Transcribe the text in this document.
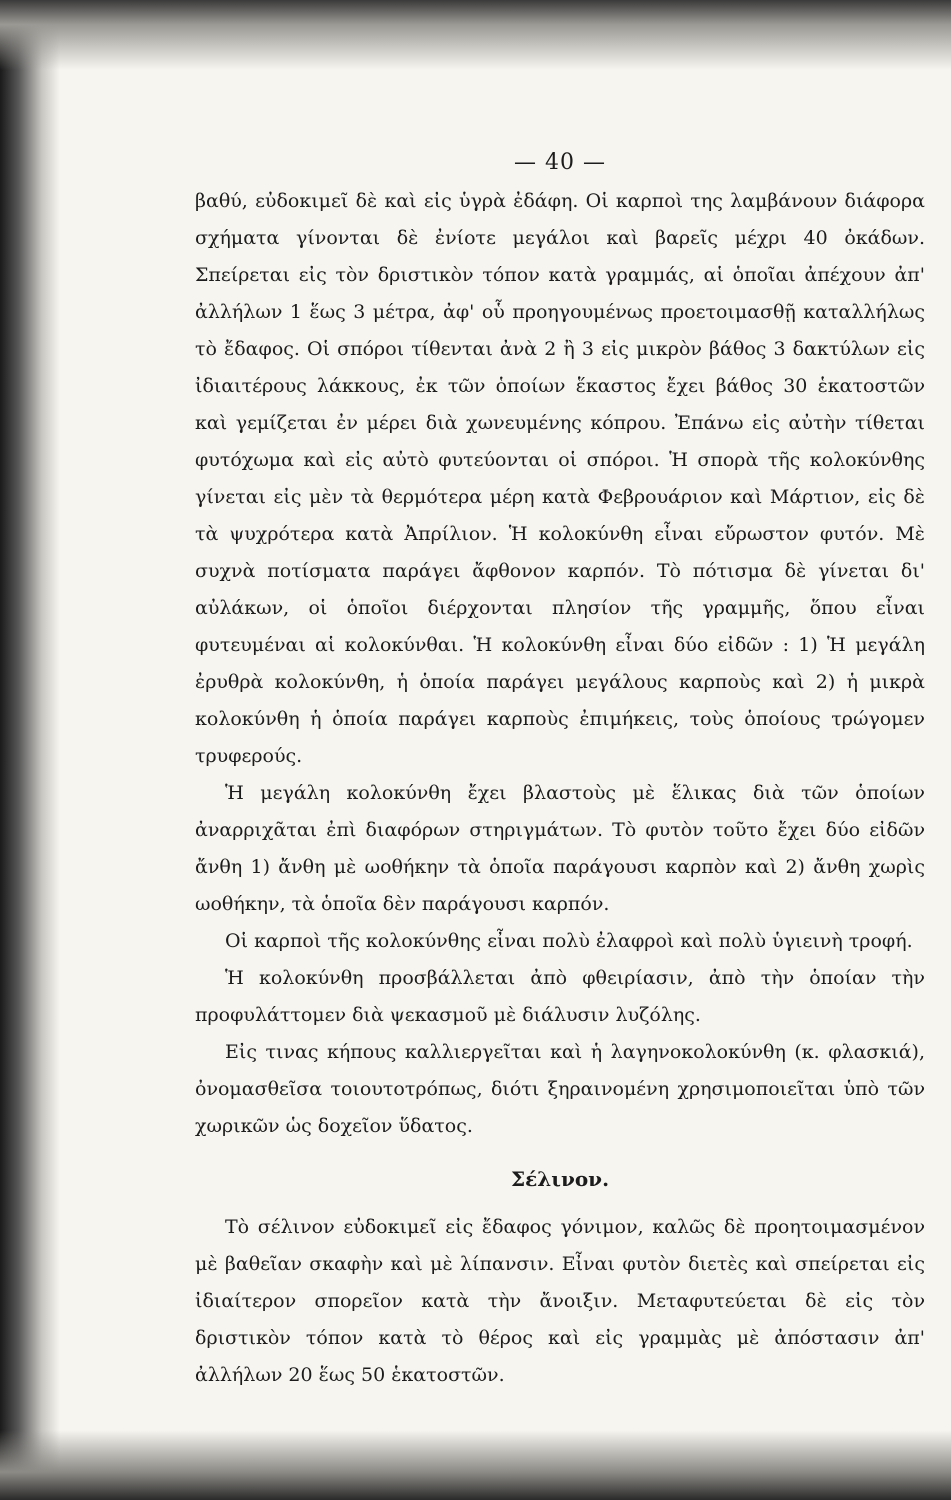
— 40 —

βαθύ, εὐδοκιμεῖ δὲ καὶ εἰς ὑγρὰ ἐδάφη. Οἱ καρποὶ της λαμβάνουν διάφορα σχήματα γίνονται δὲ ἐνίοτε μεγάλοι καὶ βαρεῖς μέχρι 40 ὀκάδων. Σπείρεται εἰς τὸν δριστικὸν τόπον κατὰ γραμμάς, αἱ ὁποῖαι ἀπέχουν ἀπ' ἀλλήλων 1 ἕως 3 μέτρα, ἀφ' οὗ προηγουμένως προετοιμασθῇ καταλλήλως τὸ ἔδαφος. Οἱ σπόροι τίθενται ἀνὰ 2 ἢ 3 εἰς μικρὸν βάθος 3 δακτύλων εἰς ἰδιαιτέρους λάκκους, ἐκ τῶν ὁποίων ἕκαστος ἔχει βάθος 30 ἑκατοστῶν καὶ γεμίζεται ἐν μέρει διὰ χωνευμένης κόπρου. Ἐπάνω εἰς αὐτὴν τίθεται φυτόχωμα καὶ εἰς αὐτὸ φυτεύονται οἱ σπόροι. Ἡ σπορὰ τῆς κολοκύνθης γίνεται εἰς μὲν τὰ θερμότερα μέρη κατὰ Φεβρουάριον καὶ Μάρτιον, εἰς δὲ τὰ ψυχρότερα κατὰ Ἀπρίλιον. Ἡ κολοκύνθη εἶναι εὔρωστον φυτόν. Μὲ συχνὰ ποτίσματα παράγει ἄφθονον καρπόν. Τὸ πότισμα δὲ γίνεται δι' αὐλάκων, οἱ ὁποῖοι διέρχονται πλησίον τῆς γραμμῆς, ὅπου εἶναι φυτευμέναι αἱ κολοκύνθαι. Ἡ κολοκύνθη εἶναι δύο εἰδῶν : 1) Ἡ μεγάλη ἐρυθρὰ κολοκύνθη, ἡ ὁποία παράγει μεγάλους καρποὺς καὶ 2) ἡ μικρὰ κολοκύνθη ἡ ὁποία παράγει καρποὺς ἐπιμήκεις, τοὺς ὁποίους τρώγομεν τρυφερούς.

Ἡ μεγάλη κολοκύνθη ἔχει βλαστοὺς μὲ ἕλικας διὰ τῶν ὁποίων ἀναρριχᾶται ἐπὶ διαφόρων στηριγμάτων. Τὸ φυτὸν τοῦτο ἔχει δύο εἰδῶν ἄνθη 1) ἄνθη μὲ ωοθήκην τὰ ὁποῖα παράγουσι καρπὸν καὶ 2) ἄνθη χωρὶς ωοθήκην, τὰ ὁποῖα δὲν παράγουσι καρπόν.

Οἱ καρποὶ τῆς κολοκύνθης εἶναι πολὺ ἐλαφροὶ καὶ πολὺ ὑγιεινὴ τροφή.

Ἡ κολοκύνθη προσβάλλεται ἀπὸ φθειρίασιν, ἀπὸ τὴν ὁποίαν τὴν προφυλάττομεν διὰ ψεκασμοῦ μὲ διάλυσιν λυζόλης.

Εἰς τινας κήπους καλλιεργεῖται καὶ ἡ λαγηνοκολοκύνθη (κ. φλασκιά), ὀνομασθεῖσα τοιουτοτρόπως, διότι ξηραινομένη χρησιμοποιεῖται ὑπὸ τῶν χωρικῶν ὡς δοχεῖον ὕδατος.

Σέλινον.

Τὸ σέλινον εὐδοκιμεῖ εἰς ἔδαφος γόνιμον, καλῶς δὲ προητοιμασμένον μὲ βαθεῖαν σκαφὴν καὶ μὲ λίπανσιν. Εἶναι φυτὸν διετὲς καὶ σπείρεται εἰς ἰδιαίτερον σπορεῖον κατὰ τὴν ἄνοιξιν. Μεταφυτεύεται δὲ εἰς τὸν δριστικὸν τόπον κατὰ τὸ θέρος καὶ εἰς γραμμὰς μὲ ἀπόστασιν ἀπ' ἀλλήλων 20 ἕως 50 ἑκατοστῶν.
